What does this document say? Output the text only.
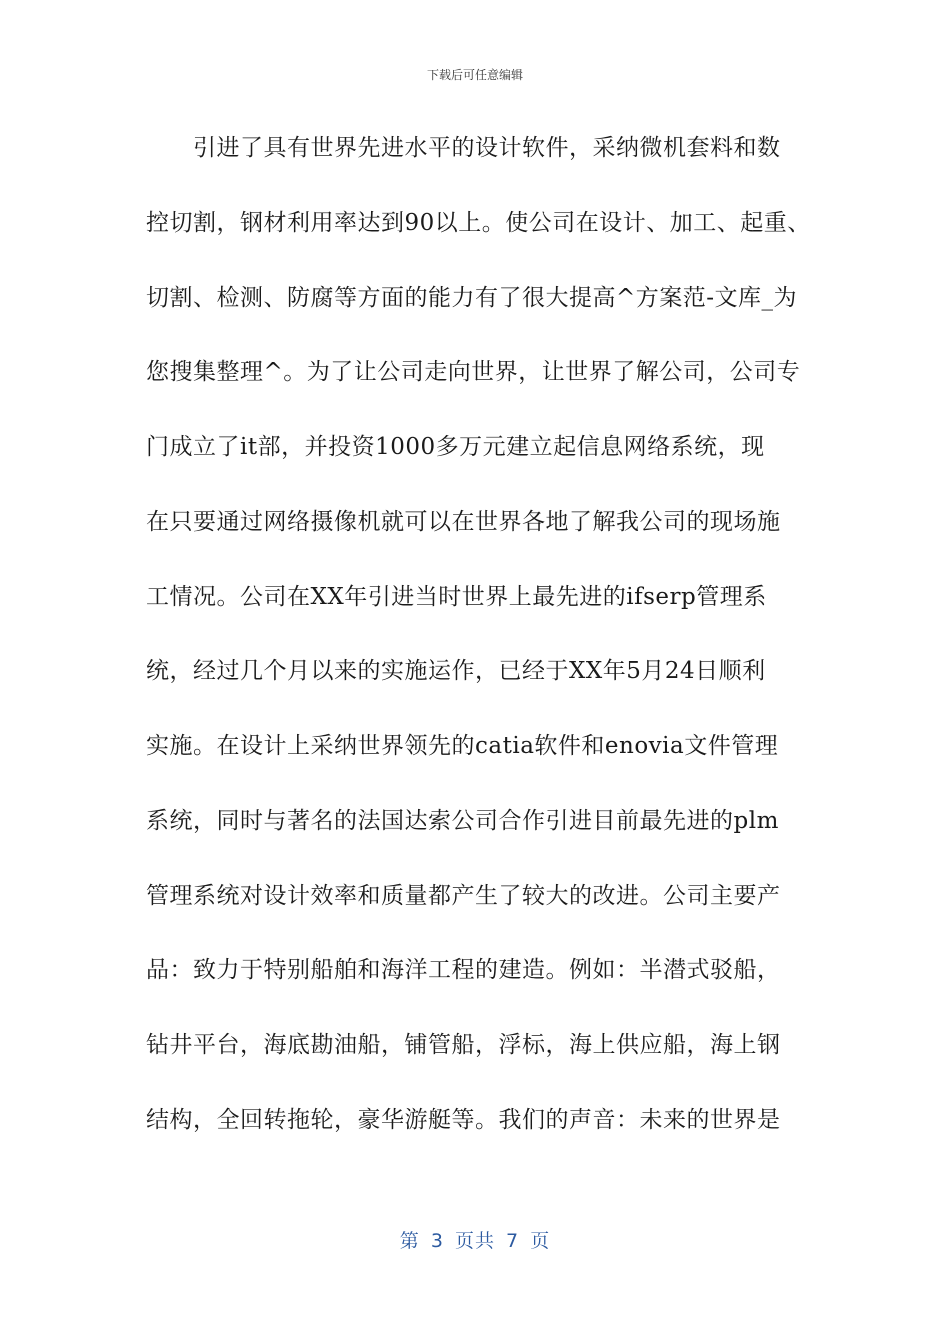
下载后可任意编辑
　　引进了具有世界先进水平的设计软件，采纳微机套料和数
控切割，钢材利用率达到90以上。使公司在设计、加工、起重、
切割、检测、防腐等方面的能力有了很大提高^方案范-文库_为
您搜集整理^。为了让公司走向世界，让世界了解公司，公司专
门成立了it部，并投资1000多万元建立起信息网络系统，现
在只要通过网络摄像机就可以在世界各地了解我公司的现场施
工情况。公司在XX年引进当时世界上最先进的ifserp管理系
统，经过几个月以来的实施运作，已经于XX年5月24日顺利
实施。在设计上采纳世界领先的catia软件和enovia文件管理
系统，同时与著名的法国达索公司合作引进目前最先进的plm
管理系统对设计效率和质量都产生了较大的改进。公司主要产
品：致力于特别船舶和海洋工程的建造。例如：半潜式驳船，
钻井平台，海底勘油船，铺管船，浮标，海上供应船，海上钢
结构，全回转拖轮，豪华游艇等。我们的声音：未来的世界是
第 3 页共 7 页
